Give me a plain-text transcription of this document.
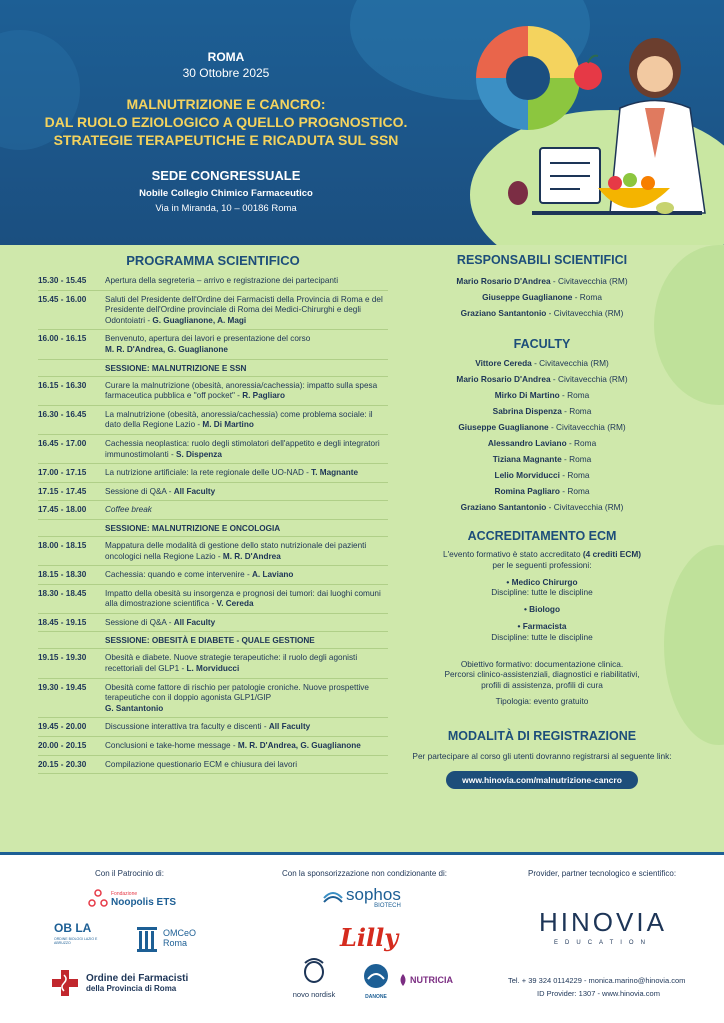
ROMA
30 Ottobre 2025
MALNUTRIZIONE E CANCRO:
DAL RUOLO EZIOLOGICO A QUELLO PROGNOSTICO.
STRATEGIE TERAPEUTICHE E RICADUTA SUL SSN
SEDE CONGRESSUALE
Nobile Collegio Chimico Farmaceutico
Via in Miranda, 10 – 00186 Roma
PROGRAMMA SCIENTIFICO
15.30 - 15.45	Apertura della segreteria – arrivo e registrazione dei partecipanti
15.45 - 16.00	Saluti del Presidente dell'Ordine dei Farmacisti della Provincia di Roma e del Presidente dell'Ordine provinciale di Roma dei Medici-Chirurghi e degli Odontoiatri - G. Guaglianone, A. Magi
16.00 - 16.15	Benvenuto, apertura dei lavori e presentazione del corso
M. R. D'Andrea, G. Guaglianone
SESSIONE: MALNUTRIZIONE E SSN
16.15 - 16.30	Curare la malnutrizione (obesità, anoressia/cachessia): impatto sulla spesa farmaceutica pubblica e "off pocket" - R. Pagliaro
16.30 - 16.45	La malnutrizione (obesità, anoressia/cachessia) come problema sociale: il dato della Regione Lazio - M. Di Martino
16.45 - 17.00	Cachessia neoplastica: ruolo degli stimolatori dell'appetito e degli integratori immunostimolanti - S. Dispenza
17.00 - 17.15	La nutrizione artificiale: la rete regionale delle UO-NAD - T. Magnante
17.15 - 17.45	Sessione di Q&A - All Faculty
17.45 - 18.00	Coffee break
SESSIONE: MALNUTRIZIONE E ONCOLOGIA
18.00 - 18.15	Mappatura delle modalità di gestione dello stato nutrizionale dei pazienti oncologici nella Regione Lazio - M. R. D'Andrea
18.15 - 18.30	Cachessia: quando e come intervenire - A. Laviano
18.30 - 18.45	Impatto della obesità su insorgenza e prognosi dei tumori: dai luoghi comuni alla dimostrazione scientifica - V. Cereda
18.45 - 19.15	Sessione di Q&A - All Faculty
SESSIONE: OBESITÀ E DIABETE - QUALE GESTIONE
19.15 - 19.30	Obesità e diabete. Nuove strategie terapeutiche: il ruolo degli agonisti recettoriali del GLP1 - L. Morviducci
19.30 - 19.45	Obesità come fattore di rischio per patologie croniche. Nuove prospettive terapeutiche con il doppio agonista GLP1/GIP
G. Santantonio
19.45 - 20.00	Discussione interattiva tra faculty e discenti - All Faculty
20.00 - 20.15	Conclusioni e take-home message - M. R. D'Andrea, G. Guaglianone
20.15 - 20.30	Compilazione questionario ECM e chiusura dei lavori
RESPONSABILI SCIENTIFICI
Mario Rosario D'Andrea - Civitavecchia (RM)
Giuseppe Guaglianone - Roma
Graziano Santantonio - Civitavecchia (RM)
FACULTY
Vittore Cereda - Civitavecchia (RM)
Mario Rosario D'Andrea - Civitavecchia (RM)
Mirko Di Martino - Roma
Sabrina Dispenza - Roma
Giuseppe Guaglianone - Civitavecchia (RM)
Alessandro Laviano - Roma
Tiziana Magnante - Roma
Lelio Morviducci - Roma
Romina Pagliaro - Roma
Graziano Santantonio - Civitavecchia (RM)
ACCREDITAMENTO ECM
L'evento formativo è stato accreditato (4 crediti ECM)
per le seguenti professioni:
• Medico Chirurgo
Discipline: tutte le discipline
• Biologo
• Farmacista
Discipline: tutte le discipline
Obiettivo formativo: documentazione clinica.
Percorsi clinico-assistenziali, diagnostici e riabilitativi,
profili di assistenza, profili di cura
Tipologia: evento gratuito
MODALITÀ DI REGISTRAZIONE
Per partecipare al corso gli utenti dovranno registrarsi al seguente link:
www.hinovia.com/malnutrizione-cancro
Con il Patrocinio di:	Con la sponsorizzazione non condizionante di:	Provider, partner tecnologico e scientifico:
Fondazione
Noopolis ETS
OB LA
ORDINE BIOLOGI LAZIO E ABRUZZO
OMCeO
Roma
Ordine dei Farmacisti
della Provincia di Roma
sophos
BIOTECH
Lilly
novo nordisk	DANONE
NUTRICIA
HINOVIA
EDUCATION
Tel. + 39 324 0114229 - monica.marino@hinovia.com
ID Provider: 1307 - www.hinovia.com
